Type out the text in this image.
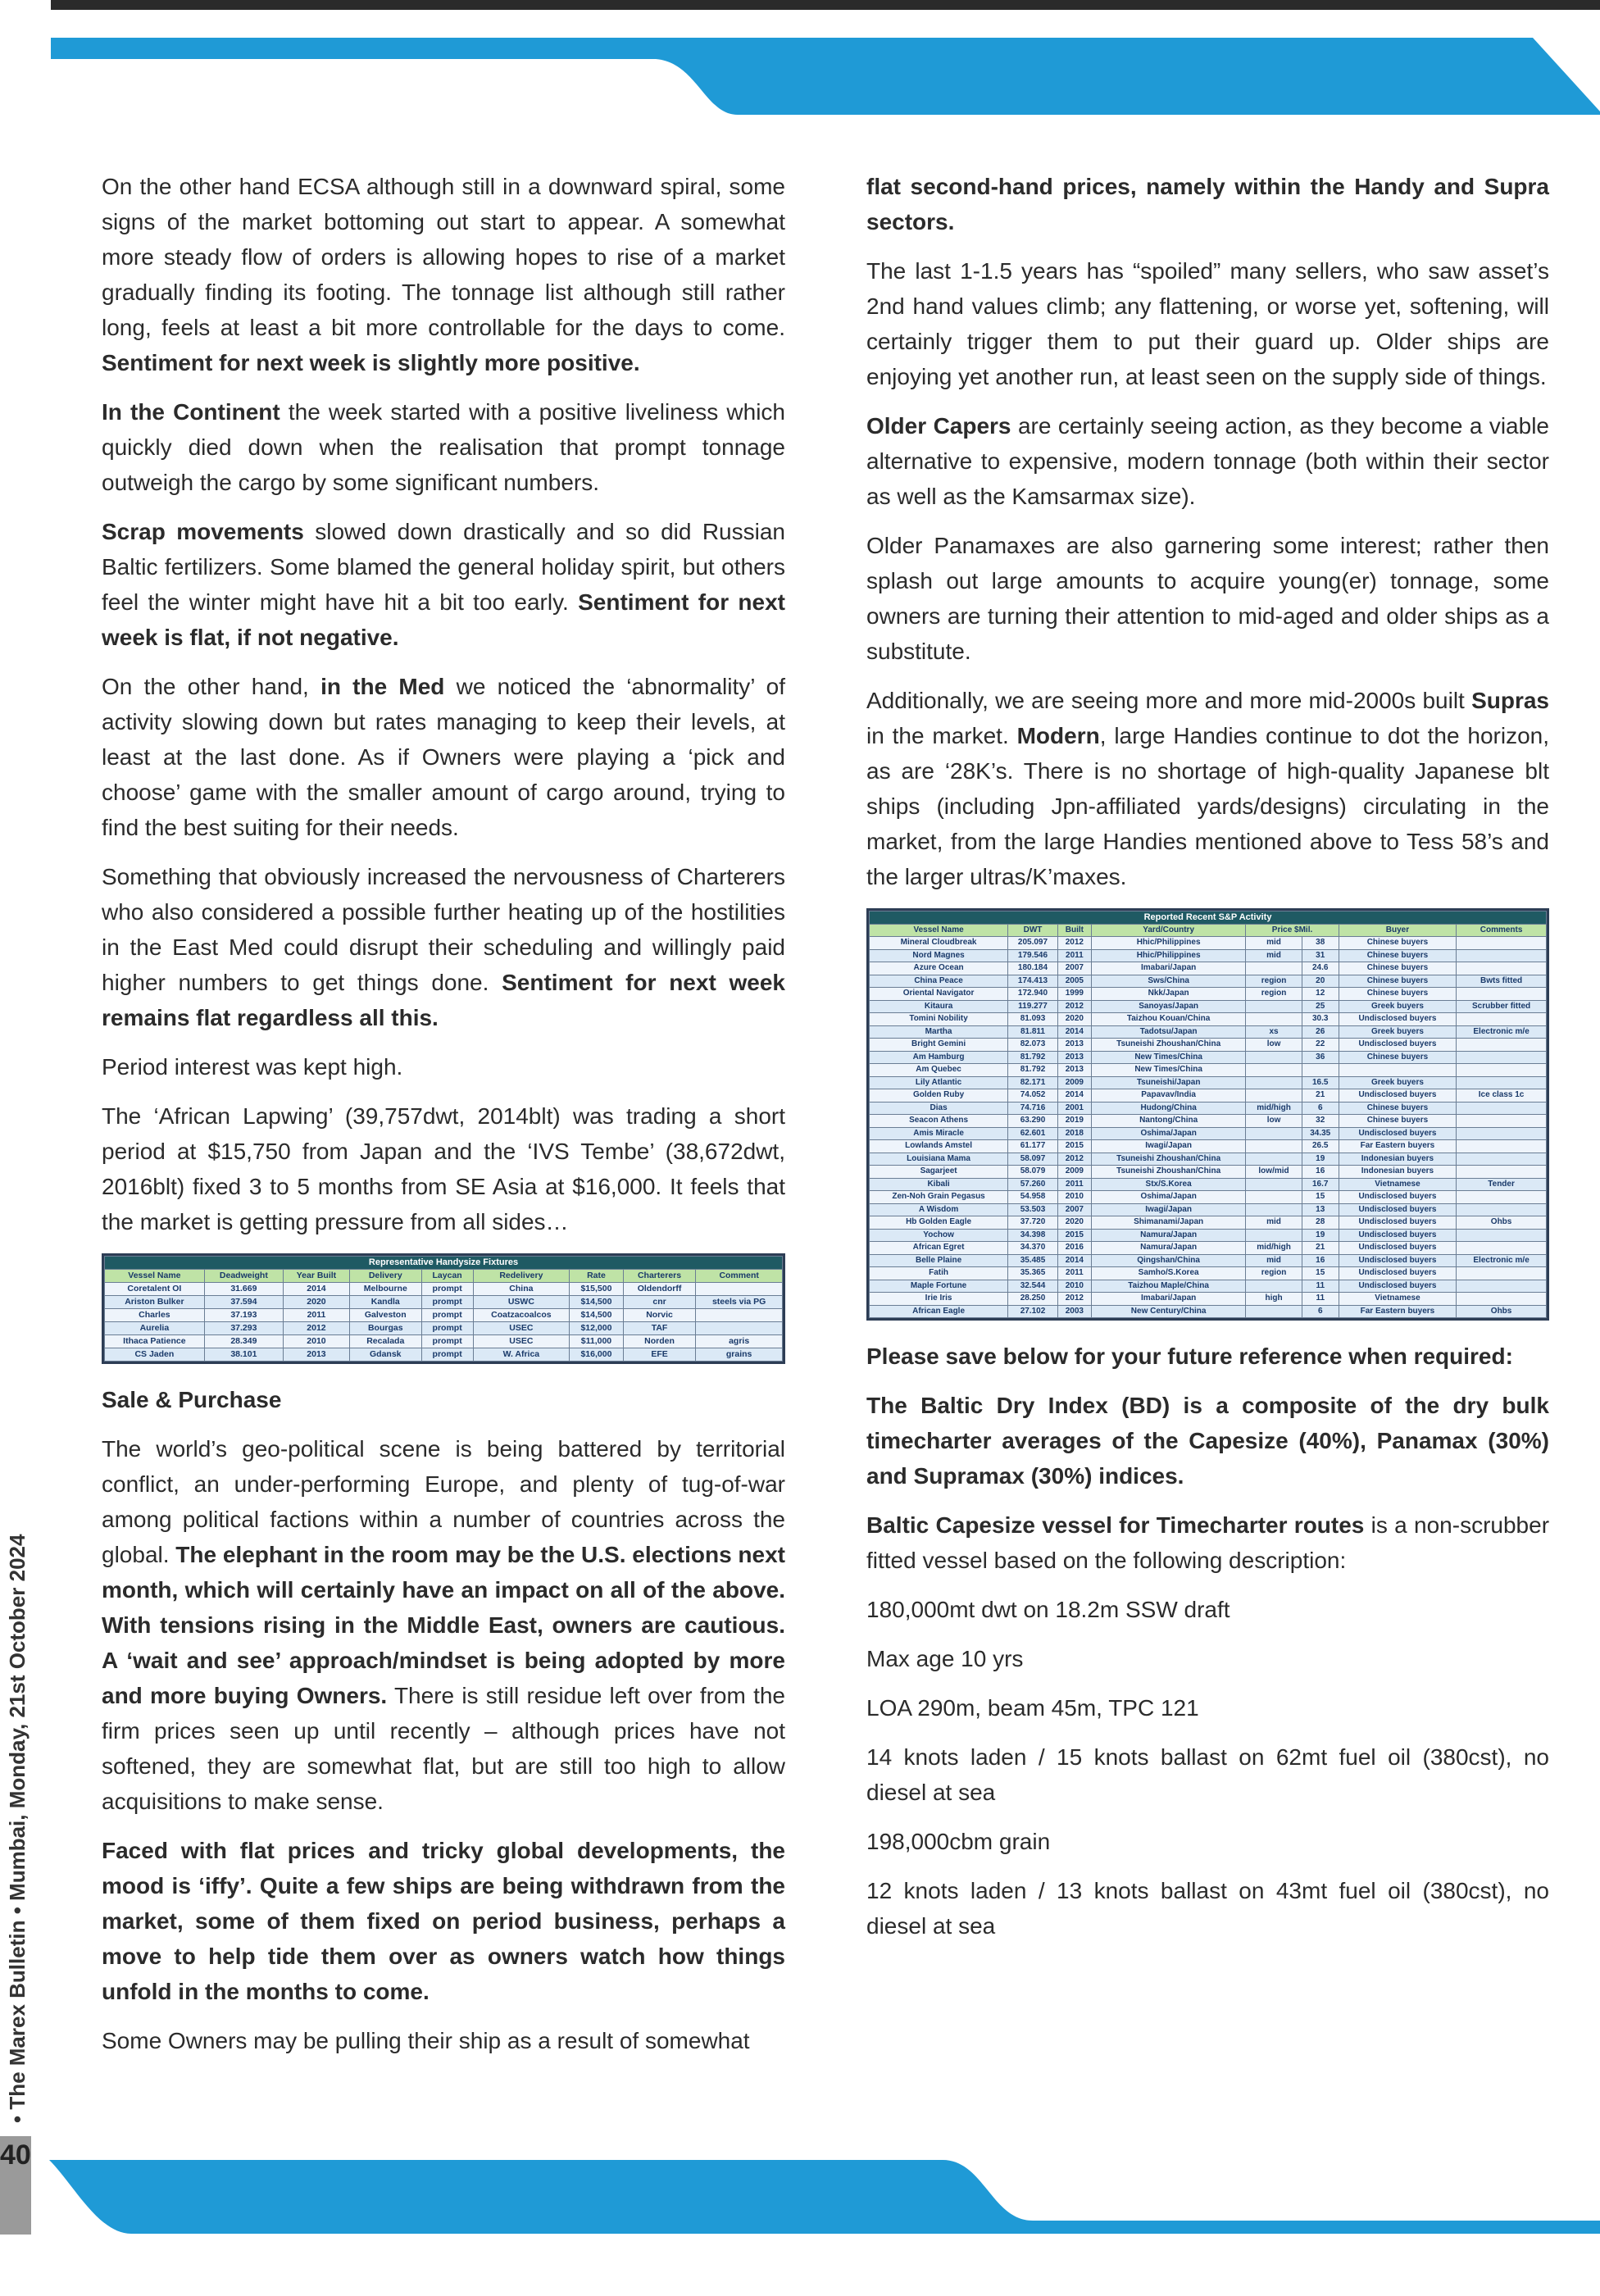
On the other hand ECSA although still in a downward spiral, some signs of the market bottoming out start to appear. A somewhat more steady flow of orders is allowing hopes to rise of a market gradually finding its footing. The tonnage list although still rather long, feels at least a bit more controllable for the days to come. Sentiment for next week is slightly more positive.

In the Continent the week started with a positive liveliness which quickly died down when the realisation that prompt tonnage outweigh the cargo by some significant numbers.

Scrap movements slowed down drastically and so did Russian Baltic fertilizers. Some blamed the general holiday spirit, but others feel the winter might have hit a bit too early. Sentiment for next week is flat, if not negative.

On the other hand, in the Med we noticed the ‘abnormality’ of activity slowing down but rates managing to keep their levels, at least at the last done. As if Owners were playing a ‘pick and choose’ game with the smaller amount of cargo around, trying to find the best suiting for their needs.

Something that obviously increased the nervousness of Charterers who also considered a possible further heating up of the hostilities in the East Med could disrupt their scheduling and willingly paid higher numbers to get things done. Sentiment for next week remains flat regardless all this.

Period interest was kept high.

The ‘African Lapwing’ (39,757dwt, 2014blt) was trading a short period at $15,750 from Japan and the ‘IVS Tembe’ (38,672dwt, 2016blt) fixed 3 to 5 months from SE Asia at $16,000. It feels that the market is getting pressure from all sides…

Representative Handysize Fixtures								
Vessel Name	Deadweight	Year Built	Delivery	Laycan	Redelivery	Rate	Charterers	Comment
Coretalent OI	31.669	2014	Melbourne	prompt	China	$15,500	Oldendorff	
Ariston Bulker	37.594	2020	Kandla	prompt	USWC	$14,500	cnr	steels via PG
Charles	37.193	2011	Galveston	prompt	Coatzacoalcos	$14,500	Norvic	
Aurelia	37.293	2012	Bourgas	prompt	USEC	$12,000	TAF	
Ithaca Patience	28.349	2010	Recalada	prompt	USEC	$11,000	Norden	agris
CS Jaden	38.101	2013	Gdansk	prompt	W. Africa	$16,000	EFE	grains

Sale & Purchase

The world’s geo-political scene is being battered by territorial conflict, an under-performing Europe, and plenty of tug-of-war among political factions within a number of countries across the global. The elephant in the room may be the U.S. elections next month, which will certainly have an impact on all of the above. With tensions rising in the Middle East, owners are cautious. A ‘wait and see’ approach/mindset is being adopted by more and more buying Owners. There is still residue left over from the firm prices seen up until recently – although prices have not softened, they are somewhat flat, but are still too high to allow acquisitions to make sense.

Faced with flat prices and tricky global developments, the mood is ‘iffy’. Quite a few ships are being withdrawn from the market, some of them fixed on period business, perhaps a move to help tide them over as owners watch how things unfold in the months to come.

Some Owners may be pulling their ship as a result of somewhat

flat second-hand prices, namely within the Handy and Supra sectors.

The last 1-1.5 years has “spoiled” many sellers, who saw asset’s 2nd hand values climb; any flattening, or worse yet, softening, will certainly trigger them to put their guard up. Older ships are enjoying yet another run, at least seen on the supply side of things.

Older Capers are certainly seeing action, as they become a viable alternative to expensive, modern tonnage (both within their sector as well as the Kamsarmax size).

Older Panamaxes are also garnering some interest; rather then splash out large amounts to acquire young(er) tonnage, some owners are turning their attention to mid-aged and older ships as a substitute.

Additionally, we are seeing more and more mid-2000s built Supras in the market. Modern, large Handies continue to dot the horizon, as are ‘28K’s. There is no shortage of high-quality Japanese blt ships (including Jpn-affiliated yards/designs) circulating in the market, from the large Handies mentioned above to Tess 58’s and the larger ultras/K’maxes.

Reported Recent S&P Activity							
Vessel Name	DWT	Built	Yard/Country	Price $Mil.		Buyer	Comments
Mineral Cloudbreak	205.097	2012	Hhic/Philippines	mid	38	Chinese buyers	
Nord Magnes	179.546	2011	Hhic/Philippines	mid	31	Chinese buyers	
Azure Ocean	180.184	2007	Imabari/Japan		24.6	Chinese buyers	
China Peace	174.413	2005	Sws/China	region	20	Chinese buyers	Bwts fitted
Oriental Navigator	172.940	1999	Nkk/Japan	region	12	Chinese buyers	
Kitaura	119.277	2012	Sanoyas/Japan		25	Greek buyers	Scrubber fitted
Tomini Nobility	81.093	2020	Taizhou Kouan/China		30.3	Undisclosed buyers	
Martha	81.811	2014	Tadotsu/Japan	xs	26	Greek buyers	Electronic m/e
Bright Gemini	82.073	2013	Tsuneishi Zhoushan/China	low	22	Undisclosed buyers	
Am Hamburg	81.792	2013	New Times/China		36	Chinese buyers	
Am Quebec	81.792	2013	New Times/China				
Lily Atlantic	82.171	2009	Tsuneishi/Japan		16.5	Greek buyers	
Golden Ruby	74.052	2014	Papavav/India		21	Undisclosed buyers	Ice class 1c
Dias	74.716	2001	Hudong/China	mid/high	6	Chinese buyers	
Seacon Athens	63.290	2019	Nantong/China	low	32	Chinese buyers	
Amis Miracle	62.601	2018	Oshima/Japan		34.35	Undisclosed buyers	
Lowlands Amstel	61.177	2015	Iwagi/Japan		26.5	Far Eastern buyers	
Louisiana Mama	58.097	2012	Tsuneishi Zhoushan/China		19	Indonesian buyers	
Sagarjeet	58.079	2009	Tsuneishi Zhoushan/China	low/mid	16	Indonesian buyers	
Kibali	57.260	2011	Stx/S.Korea		16.7	Vietnamese	Tender
Zen-Noh Grain Pegasus	54.958	2010	Oshima/Japan		15	Undisclosed buyers	
A Wisdom	53.503	2007	Iwagi/Japan		13	Undisclosed buyers	
Hb Golden Eagle	37.720	2020	Shimanami/Japan	mid	28	Undisclosed buyers	Ohbs
Yochow	34.398	2015	Namura/Japan		19	Undisclosed buyers	
African Egret	34.370	2016	Namura/Japan	mid/high	21	Undisclosed buyers	
Belle Plaine	35.485	2014	Qingshan/China	mid	16	Undisclosed buyers	Electronic m/e
Fatih	35.365	2011	Samho/S.Korea	region	15	Undisclosed buyers	
Maple Fortune	32.544	2010	Taizhou Maple/China		11	Undisclosed buyers	
Irie Iris	28.250	2012	Imabari/Japan	high	11	Vietnamese	
African Eagle	27.102	2003	New Century/China		6	Far Eastern buyers	Ohbs

Please save below for your future reference when required:

The Baltic Dry Index (BD) is a composite of the dry bulk timecharter averages of the Capesize (40%), Panamax (30%) and Supramax (30%) indices.

Baltic Capesize vessel for Timecharter routes is a non-scrubber fitted vessel based on the following description:

180,000mt dwt on 18.2m SSW draft

Max age 10 yrs

LOA 290m, beam 45m, TPC 121

14 knots laden / 15 knots ballast on 62mt fuel oil (380cst), no diesel at sea

198,000cbm grain

12 knots laden / 13 knots ballast on 43mt fuel oil (380cst), no diesel at sea

• The Marex Bulletin • Mumbai, Monday, 21st October 2024
40
